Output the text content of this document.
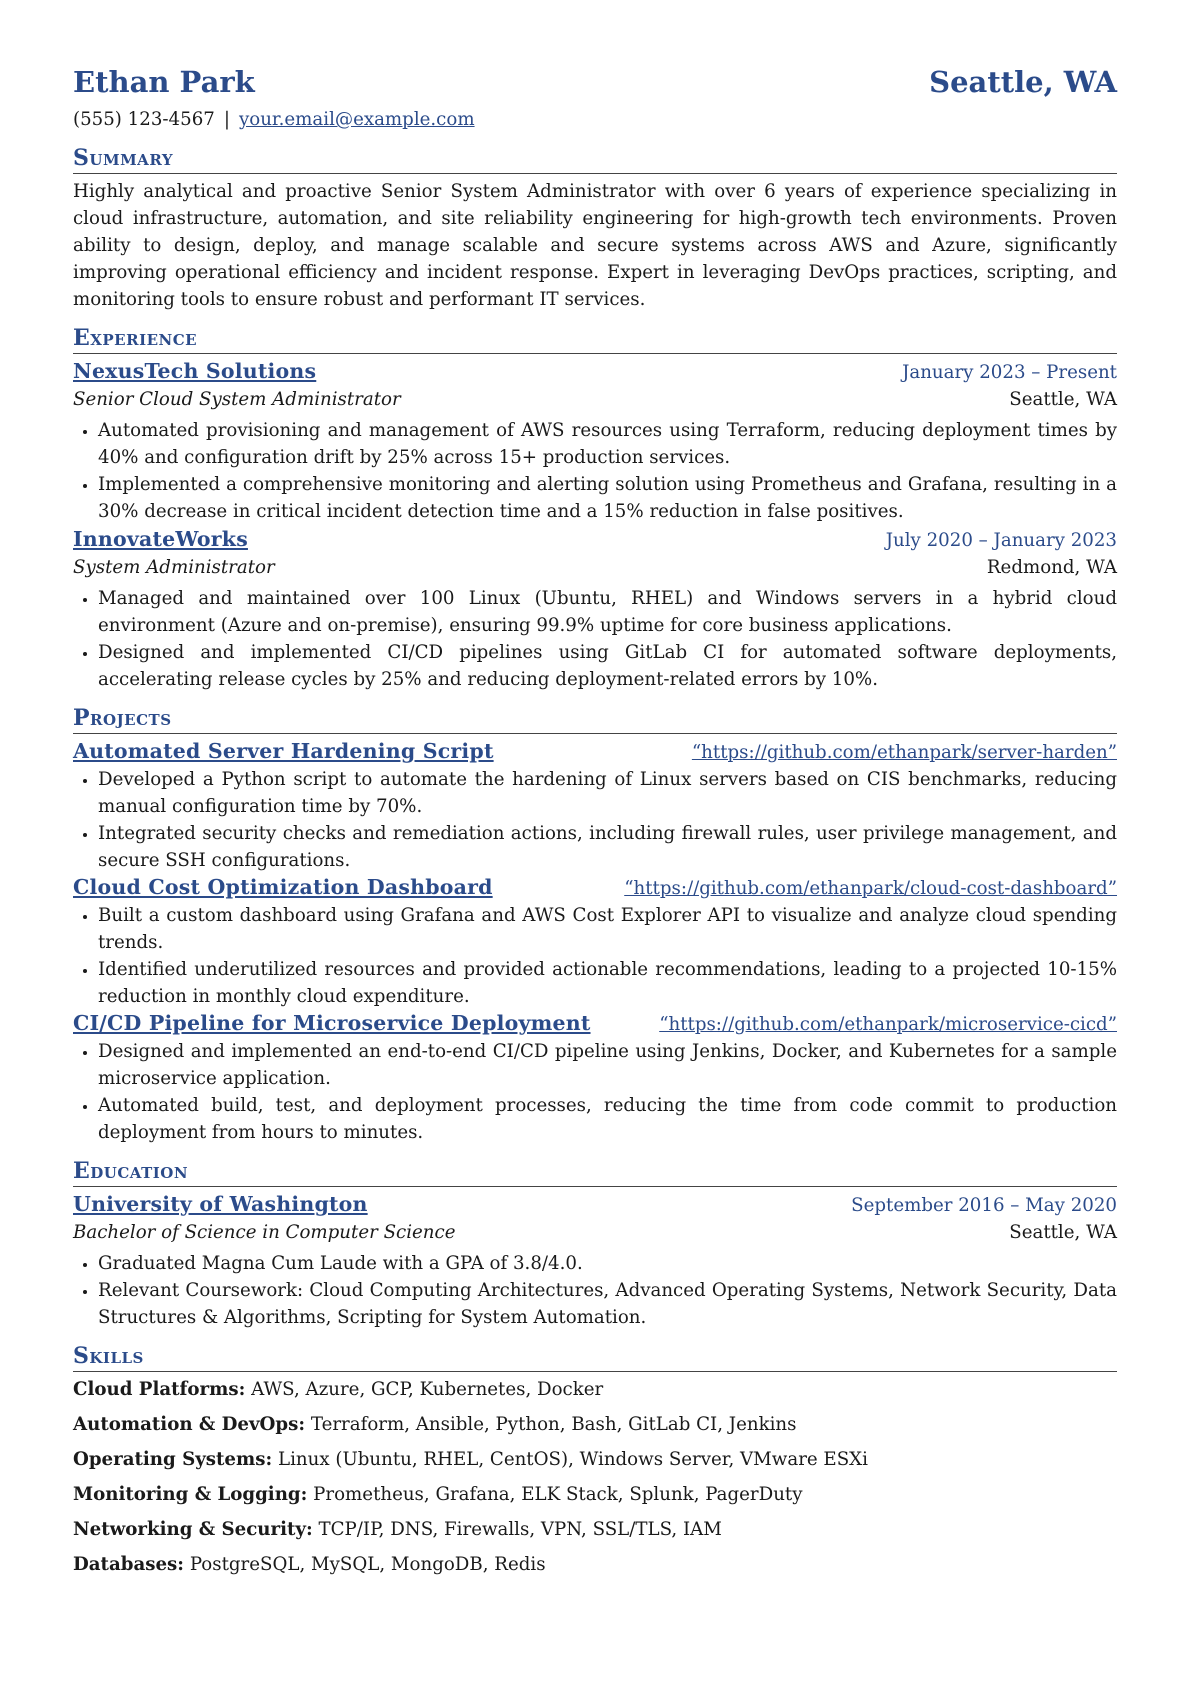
Ethan Park	Seattle, WA
(555) 123-4567 | your.email@example.com
Summary
Highly analytical and proactive Senior System Administrator with over 6 years of experience specializing in cloud infrastructure, automation, and site reliability engineering for high-growth tech environments. Proven ability to design, deploy, and manage scalable and secure systems across AWS and Azure, significantly improving operational efficiency and incident response. Expert in leveraging DevOps practices, scripting, and monitoring tools to ensure robust and performant IT services.
Experience
NexusTech Solutions	January 2023 – Present
Senior Cloud System Administrator	Seattle, WA
• Automated provisioning and management of AWS resources using Terraform, reducing deployment times by 40% and configuration drift by 25% across 15+ production services.
• Implemented a comprehensive monitoring and alerting solution using Prometheus and Grafana, resulting in a 30% decrease in critical incident detection time and a 15% reduction in false positives.
InnovateWorks	July 2020 – January 2023
System Administrator	Redmond, WA
• Managed and maintained over 100 Linux (Ubuntu, RHEL) and Windows servers in a hybrid cloud environment (Azure and on-premise), ensuring 99.9% uptime for core business applications.
• Designed and implemented CI/CD pipelines using GitLab CI for automated software deployments, accelerating release cycles by 25% and reducing deployment-related errors by 10%.
Projects
Automated Server Hardening Script	“https://github.com/ethanpark/server-harden”
• Developed a Python script to automate the hardening of Linux servers based on CIS benchmarks, reducing manual configuration time by 70%.
• Integrated security checks and remediation actions, including firewall rules, user privilege management, and secure SSH configurations.
Cloud Cost Optimization Dashboard	“https://github.com/ethanpark/cloud-cost-dashboard”
• Built a custom dashboard using Grafana and AWS Cost Explorer API to visualize and analyze cloud spending trends.
• Identified underutilized resources and provided actionable recommendations, leading to a projected 10-15% reduction in monthly cloud expenditure.
CI/CD Pipeline for Microservice Deployment	“https://github.com/ethanpark/microservice-cicd”
• Designed and implemented an end-to-end CI/CD pipeline using Jenkins, Docker, and Kubernetes for a sample microservice application.
• Automated build, test, and deployment processes, reducing the time from code commit to production deployment from hours to minutes.
Education
University of Washington	September 2016 – May 2020
Bachelor of Science in Computer Science	Seattle, WA
• Graduated Magna Cum Laude with a GPA of 3.8/4.0.
• Relevant Coursework: Cloud Computing Architectures, Advanced Operating Systems, Network Security, Data Structures & Algorithms, Scripting for System Automation.
Skills
Cloud Platforms: AWS, Azure, GCP, Kubernetes, Docker
Automation & DevOps: Terraform, Ansible, Python, Bash, GitLab CI, Jenkins
Operating Systems: Linux (Ubuntu, RHEL, CentOS), Windows Server, VMware ESXi
Monitoring & Logging: Prometheus, Grafana, ELK Stack, Splunk, PagerDuty
Networking & Security: TCP/IP, DNS, Firewalls, VPN, SSL/TLS, IAM
Databases: PostgreSQL, MySQL, MongoDB, Redis
